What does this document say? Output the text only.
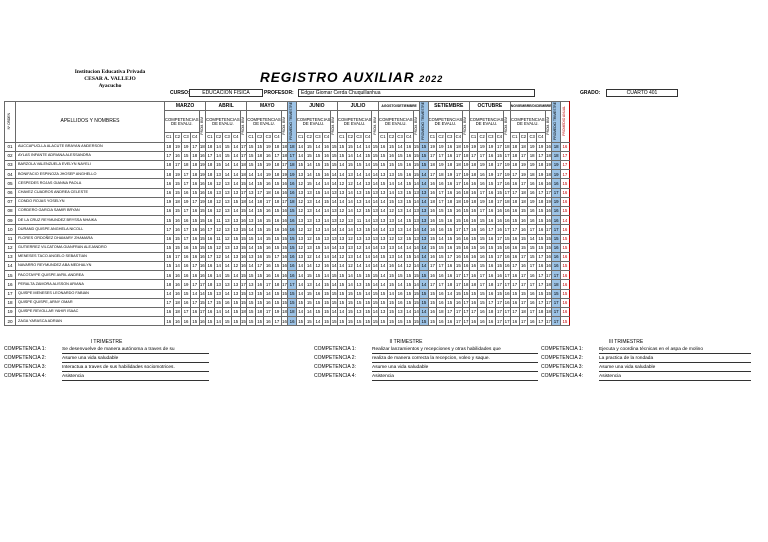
Institucion Educativa Privada
CESAR A. VALLEJO
Ayacucho
REGISTRO AUXILIAR 2022
CURSO:	EDUCACIÓN FISICA	PROFESOR:	Edgar Giomar Cerda Chuquillanhua	GRADO:	CUARTO 401
Nº ORDEN	APELLIDOS Y NOMBRES	MARZO					ABRIL					MAYO					PROMEDIO TRIMESTRE	JUNIO					JULIO					AGOSTO/SETIEMBRE					PROMEDIO TRIMESTRE	SETIEMBRE					OCTUBRE					NOVIEMBRE/DICIEMBRE					PROMEDIO TRIMESTRE	PROMEDIO ANUAL
		COMPETENCIAS DE EVALU.				PROM. BIM	COMPETENCIAS DE EVALU.				PROM. BIM	COMPETENCIAS DE EVALU.				PROM. BIM		COMPETENCIAS DE EVALU.				PROM. BIM	COMPETENCIAS DE EVALU.				PROM. BIM	COMPETENCIAS DE EVALU.				PROM. BIM		COMPETENCIAS DE EVALU.				PROM. BIM	COMPETENCIAS DE EVALU.				PROM. BIM	COMPETENCIAS DE EVALU.				PROM. BIM		
		C1	C2	C3	C4		C1	C2	C3	C4		C1	C2	C3	C4			C1	C2	C3	C4		C1	C2	C3	C4		C1	C2	C3	C4			C1	C2	C3	C4		C1	C2	C3	C4		C1	C2	C3	C4			
01	AUCCAPUCLLA ALACUTE BRAYAN ANDERSON	18	19	19	17	18	18	14	15	14	17	15	15	19	18	18	18	14	15	14	16	15	15	15	14	14	15	16	15	14	16	15	15	19	19	16	18	19	19	19	19	17	18	18	18	19	19	16	18	16
02	AYLAS INFANTE ADRIANA ALESSANDRA	17	16	15	18	16	17	14	15	14	17	15	18	16	17	18	17	14	15	15	16	15	15	14	14	15	15	15	16	15	16	15	15	17	17	16	17	18	17	17	16	15	17	18	17	18	17	18	18	17
03	BARZOLA VALENZUELA EVELYN NAYELI	18	17	18	18	19	18	15	14	14	18	15	15	19	18	17	18	15	14	15	15	15	14	15	15	14	15	15	15	15	16	15	15	18	19	18	18	19	18	19	18	17	19	18	19	19	18	19	19	17
04	BONIFACIO ESPINOZA JHOSEP ANGHELLO	18	19	17	18	19	18	13	14	14	18	14	14	19	18	19	19	13	14	15	16	14	14	13	14	14	14	13	13	15	16	15	14	17	18	19	17	19	18	16	19	17	19	17	19	18	19	18	19	17
05	CESPEDES ROJAS GIANNA PAOLA	16	15	17	16	16	16	12	13	14	15	14	15	16	15	16	16	12	15	14	14	14	12	12	14	13	14	15	14	14	15	14	14	16	16	16	17	16	16	16	15	17	16	16	17	16	16	16	16	15
06	CHAVEZ CUADROS ANDREA CELESTE	16	15	16	15	16	16	13	13	13	17	13	17	18	16	16	16	13	13	15	14	13	13	14	13	15	13	13	14	13	15	13	13	16	17	16	16	18	16	17	16	15	17	17	18	16	17	17	17	16
07	CONDO ROJAS YOSELYN	19	18	19	17	19	18	12	13	15	18	14	18	17	18	17	18	12	13	14	15	14	14	14	13	14	14	14	15	13	15	14	14	18	17	18	18	19	18	19	18	17	18	18	18	19	18	19	19	16
08	CORDERO GARCIA SAMIR BRYAN	16	15	17	16	15	16	12	13	14	15	14	15	16	15	16	15	12	13	14	14	13	12	14	12	15	13	14	12	13	14	13	13	16	15	15	16	15	16	17	16	16	16	16	15	16	15	16	16	15
09	DE LA CRUZ REYMUNDEZ BRYSSA NHAIKA	15	16	16	15	15	16	11	13	13	16	13	16	15	16	16	16	13	13	13	14	13	12	13	11	14	13	13	13	14	15	13	13	16	15	16	15	16	16	15	16	16	16	15	16	16	15	16	16	14
10	DURAND QUISPE ANGHELA NICOLL	17	16	17	16	16	17	12	13	13	15	14	15	15	16	16	16	12	12	13	14	14	14	14	13	15	14	14	13	13	14	14	14	16	16	15	17	17	16	16	17	16	17	17	16	17	16	17	17	16
11	FLORES ORDOÑEZ DHAMARY ZHAMARA	16	15	17	16	15	16	11	12	15	15	15	14	15	15	15	15	13	12	15	13	13	13	12	13	13	13	13	12	12	15	13	13	15	14	15	16	16	15	15	16	17	15	16	15	14	15	15	15	15
12	GUTIERREZ VILCATOMA GIANFRAN ALEJANDRO	15	15	16	15	15	15	12	13	13	15	14	15	16	15	15	15	12	13	15	14	14	13	13	12	14	14	13	13	14	14	14	14	15	15	16	15	16	15	16	15	15	16	16	15	15	15	15	16	15
13	MENESES TACO ANGELO SEBASTIAN	16	17	16	16	16	17	12	14	13	16	13	16	15	17	16	16	13	12	14	14	14	12	13	14	14	14	15	13	14	15	14	14	16	15	17	16	16	16	16	15	17	16	16	17	15	17	16	16	16
14	NAVARRO REYMUNDEZ ABA MEDHALYN	15	14	16	17	16	16	14	14	12	16	14	17	16	15	16	16	14	14	12	16	14	14	12	14	14	14	14	16	14	12	14	14	17	17	16	15	16	16	15	16	15	16	17	16	17	16	16	16	15
15	PACOTAYPE QUISPE AVRIL ANDREA	16	16	16	16	16	16	14	15	14	15	15	15	16	16	16	16	14	15	15	14	15	15	14	15	15	15	14	15	15	15	15	15	16	16	16	17	17	16	17	16	16	17	16	17	16	17	17	17	16
16	PERALTA ZAMORA ALISSON ARIANA	18	16	19	17	17	18	13	13	13	17	13	16	17	18	17	17	14	13	14	15	14	15	14	13	15	14	14	15	14	15	14	14	17	17	18	17	18	18	17	18	17	17	17	17	17	17	18	18	16
17	QUISPE MENESES LEONARDO FABIAN	14	16	15	14	14	15	13	14	13	15	13	15	14	15	15	15	14	15	16	15	15	15	15	15	14	15	15	14	16	15	15	15	15	16	14	15	15	15	15	16	15	16	15	15	16	15	15	15	15
18	QUISPE QUISPE, ARNY OMAR	17	18	16	17	15	17	15	16	15	15	15	15	16	15	15	15	15	15	15	15	15	15	15	15	15	15	15	15	16	15	15	15	15	16	15	16	17	16	15	17	17	16	16	17	16	17	17	17	16
19	QUISPE REVOLLAR YAHIR ISAAC	16	18	17	16	17	16	14	14	15	18	15	18	17	19	18	18	14	14	15	15	14	14	15	13	15	14	13	15	13	14	14	14	16	18	17	17	17	17	16	18	17	17	17	18	17	18	18	17	16
20	ZAGA YARASCA ADRIAN	16	16	16	15	16	15	14	15	15	15	15	15	16	17	16	16	15	15	14	15	15	15	15	15	15	15	15	15	15	15	15	15	15	16	16	17	17	16	16	16	17	17	16	17	16	17	17	17	15
I TRIMESTRE
COMPETENCIA 1:	Se desenvuelve de manera autónoma a traves de su
COMPETENCIA 2:	Asume una vida saludable
COMPETENCIA 3:	Interactua a traves de sus habilidades sociomotrices.
COMPETENCIA 4:	Asistencia
II TRIMESTRE
COMPETENCIA 1:	Realizar lanzamientos y recepciones y otras habilidades que
COMPETENCIA 2:	realiza de manera correcta la recepcion, voleo y saque.
COMPETENCIA 3:	Asume una vida saludable
COMPETENCIA 4:	Asistencia
III TRIMESTRE
COMPETENCIA 1:	Ejecuta y coordina técnicas en el aspa de molino
COMPETENCIA 2:	La practica de la rondada
COMPETENCIA 3:	Asume una vida saludable
COMPETENCIA 4:	Asistencia
